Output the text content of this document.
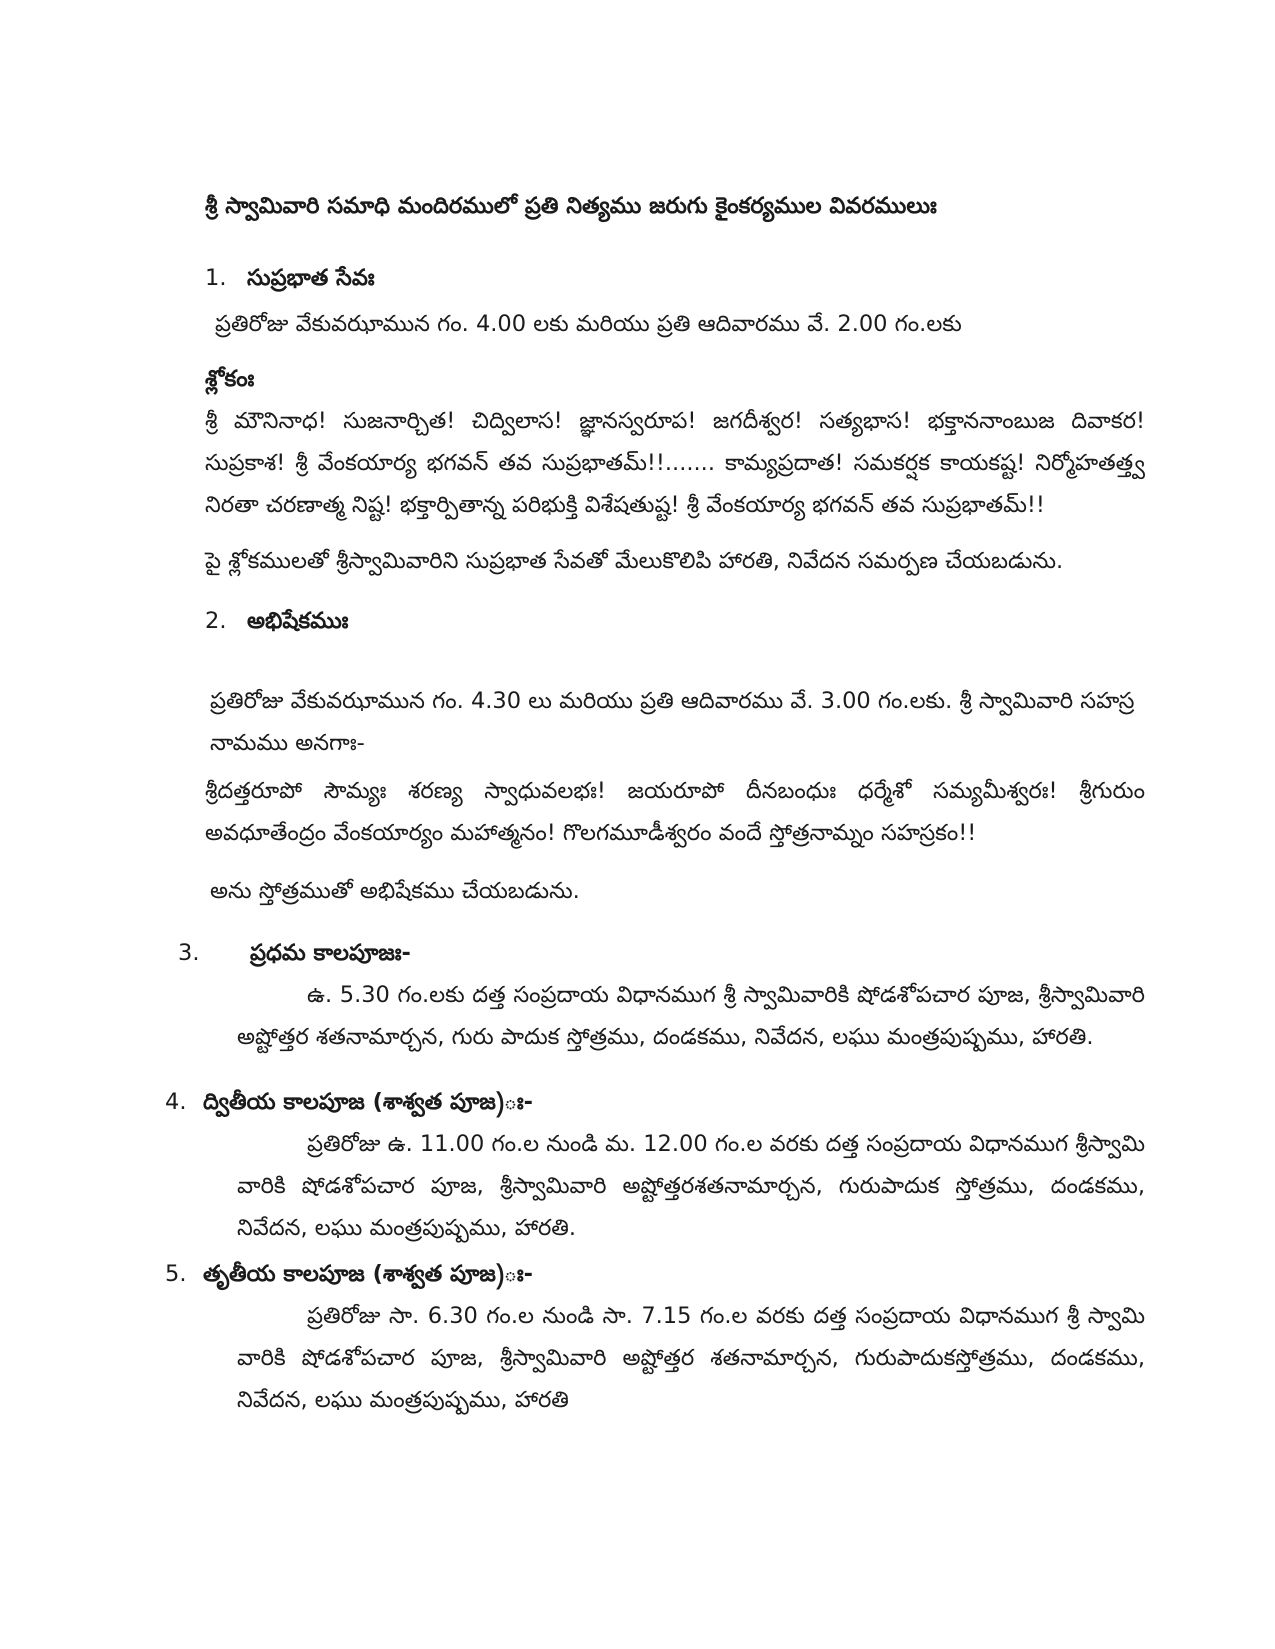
శ్రీ స్వామివారి సమాధి మందిరములో ప్రతి నిత్యము జరుగు కైంకర్యముల వివరములుః

1. సుప్రభాత సేవః

ప్రతిరోజు వేకువఝామున గం. 4.00 లకు మరియు ప్రతి ఆదివారము వే. 2.00 గం.లకు

శ్లోకంః

శ్రీ మౌనినాధ! సుజనార్చిత! చిద్విలాస! జ్ఞానస్వరూప! జగదీశ్వర! సత్యభాస! భక్తాననాంబుజ దివాకర! సుప్రకాశ! శ్రీ వేంకయార్య భగవన్ తవ సుప్రభాతమ్!!....... కామ్యప్రదాత! సమకర్షక కాయకష్ట! నిర్మోహతత్త్వ నిరతా చరణాత్మ నిష్ట! భక్తార్పితాన్న పరిభుక్తి విశేషతుష్ట! శ్రీ వేంకయార్య భగవన్ తవ సుప్రభాతమ్!!

పై శ్లోకములతో శ్రీస్వామివారిని సుప్రభాత సేవతో మేలుకొలిపి హారతి, నివేదన సమర్పణ చేయబడును.

2. అభిషేకముః

ప్రతిరోజు వేకువఝామున గం. 4.30 లు మరియు ప్రతి ఆదివారము వే. 3.00 గం.లకు. శ్రీ స్వామివారి సహస్ర నామము అనగాః-

శ్రీదత్తరూపో సౌమ్యః శరణ్య స్వాధువలభః! జయరూపో దీనబంధుః ధర్మేశో సమ్యమీశ్వరః! శ్రీగురుం అవధూతేంద్రం వేంకయార్యం మహాత్మనం! గొలగమూడీశ్వరం వందే స్తోత్రనామ్నం సహస్రకం!!

అను స్తోత్రముతో అభిషేకము చేయబడును.

3.	ప్రధమ కాలపూజః-

ఉ. 5.30 గం.లకు దత్త సంప్రదాయ విధానముగ శ్రీ స్వామివారికి షోడశోపచార పూజ, శ్రీస్వామివారి అష్టోత్తర శతనామార్చన, గురు పాదుక స్తోత్రము, దండకము, నివేదన, లఘు మంత్రపుష్పము, హారతి.

4. ద్వితీయ కాలపూజ (శాశ్వత పూజ)ః-

ప్రతిరోజు ఉ. 11.00 గం.ల నుండి మ. 12.00 గం.ల వరకు దత్త సంప్రదాయ విధానముగ శ్రీస్వామి వారికి షోడశోపచార పూజ, శ్రీస్వామివారి అష్టోత్తరశతనామార్చన, గురుపాదుక స్తోత్రము, దండకము, నివేదన, లఘు మంత్రపుష్పము, హారతి.

5. తృతీయ కాలపూజ (శాశ్వత పూజ)ః-

ప్రతిరోజు సా. 6.30 గం.ల నుండి సా. 7.15 గం.ల వరకు దత్త సంప్రదాయ విధానముగ శ్రీ స్వామి వారికి షోడశోపచార పూజ, శ్రీస్వామివారి అష్టోత్తర శతనామార్చన, గురుపాదుకస్తోత్రము, దండకము, నివేదన, లఘు మంత్రపుష్పము, హారతి
